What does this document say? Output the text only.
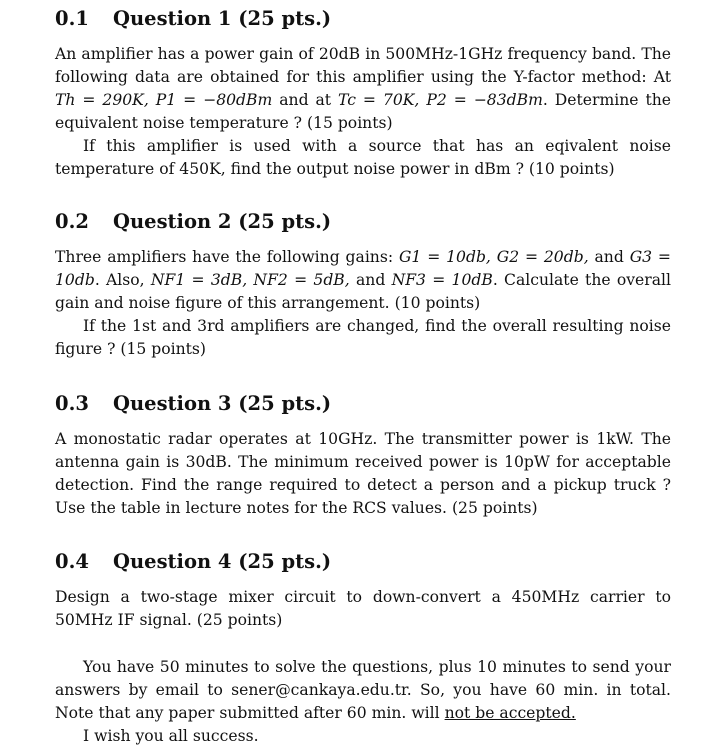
0.1 Question 1 (25 pts.)

An amplifier has a power gain of 20dB in 500MHz-1GHz frequency band. The following data are obtained for this amplifier using the Y-factor method: At Th = 290K, P1 = −80dBm and at Tc = 70K, P2 = −83dBm. Determine the equivalent noise temperature ? (15 points)

If this amplifier is used with a source that has an eqivalent noise temperature of 450K, find the output noise power in dBm ? (10 points)

0.2 Question 2 (25 pts.)

Three amplifiers have the following gains: G1 = 10db, G2 = 20db, and G3 = 10db. Also, NF1 = 3dB, NF2 = 5dB, and NF3 = 10dB. Calculate the overall gain and noise figure of this arrangement. (10 points)

If the 1st and 3rd amplifiers are changed, find the overall resulting noise figure ? (15 points)

0.3 Question 3 (25 pts.)

A monostatic radar operates at 10GHz. The transmitter power is 1kW. The antenna gain is 30dB. The minimum received power is 10pW for acceptable detection. Find the range required to detect a person and a pickup truck ? Use the table in lecture notes for the RCS values. (25 points)

0.4 Question 4 (25 pts.)

Design a two-stage mixer circuit to down-convert a 450MHz carrier to 50MHz IF signal. (25 points)

You have 50 minutes to solve the questions, plus 10 minutes to send your answers by email to sener@cankaya.edu.tr. So, you have 60 min. in total. Note that any paper submitted after 60 min. will not be accepted.

I wish you all success.
